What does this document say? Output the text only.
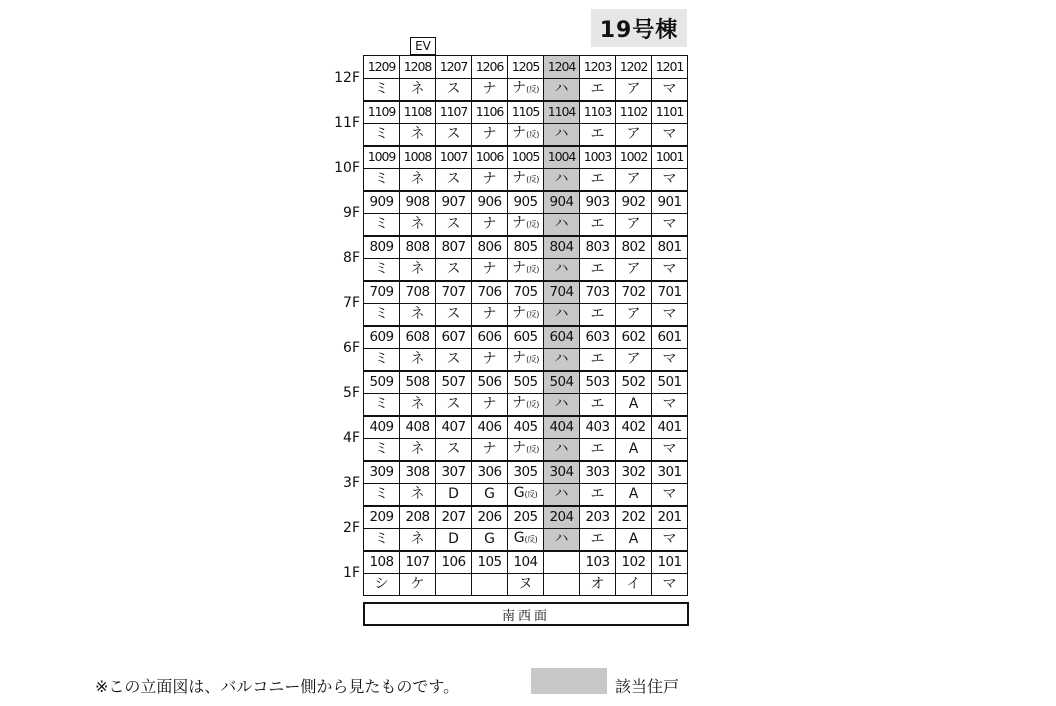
19号棟
EV
1209	1208	1207	1206	1205	1204	1203	1202	1201
ミ	ネ	ス	ナ	ナ(反)	ハ	エ	ア	マ
1109	1108	1107	1106	1105	1104	1103	1102	1101
ミ	ネ	ス	ナ	ナ(反)	ハ	エ	ア	マ
1009	1008	1007	1006	1005	1004	1003	1002	1001
ミ	ネ	ス	ナ	ナ(反)	ハ	エ	ア	マ
909	908	907	906	905	904	903	902	901
ミ	ネ	ス	ナ	ナ(反)	ハ	エ	ア	マ
809	808	807	806	805	804	803	802	801
ミ	ネ	ス	ナ	ナ(反)	ハ	エ	ア	マ
709	708	707	706	705	704	703	702	701
ミ	ネ	ス	ナ	ナ(反)	ハ	エ	ア	マ
609	608	607	606	605	604	603	602	601
ミ	ネ	ス	ナ	ナ(反)	ハ	エ	ア	マ
509	508	507	506	505	504	503	502	501
ミ	ネ	ス	ナ	ナ(反)	ハ	エ	A	マ
409	408	407	406	405	404	403	402	401
ミ	ネ	ス	ナ	ナ(反)	ハ	エ	A	マ
309	308	307	306	305	304	303	302	301
ミ	ネ	D	G	G(反)	ハ	エ	A	マ
209	208	207	206	205	204	203	202	201
ミ	ネ	D	G	G(反)	ハ	エ	A	マ
108	107	106	105	104		103	102	101
シ	ケ			ヌ		オ	イ	マ
12F
11F
10F
9F
8F
7F
6F
5F
4F
3F
2F
1F
南西面
※この立面図は、バルコニー側から見たものです。	該当住戸
